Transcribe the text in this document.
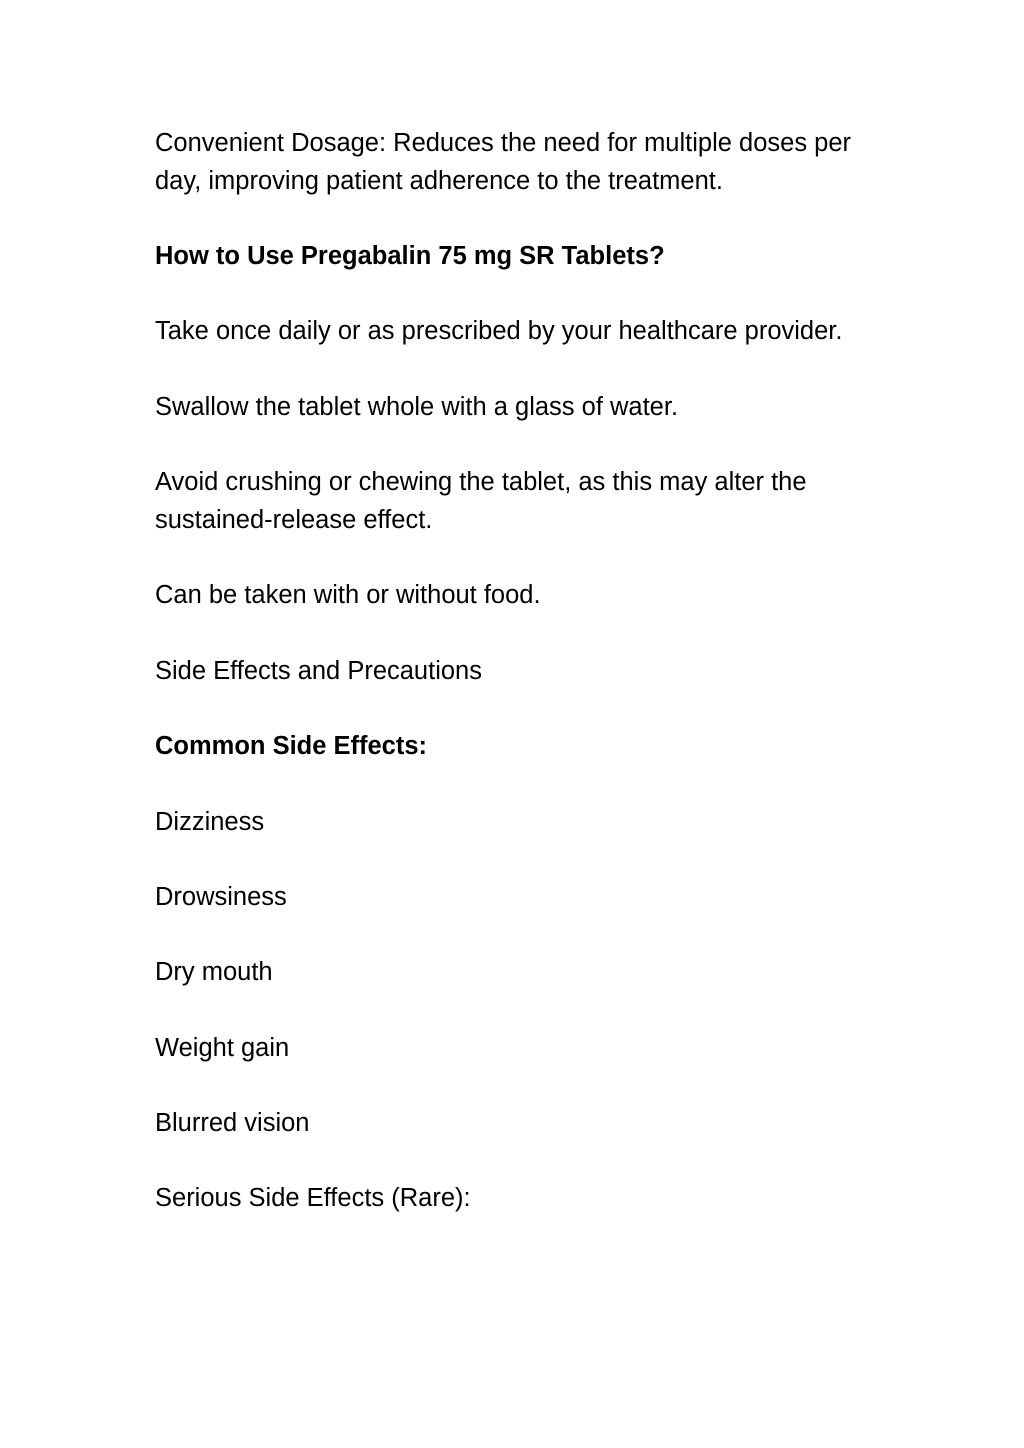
Convenient Dosage: Reduces the need for multiple doses per day, improving patient adherence to the treatment.

How to Use Pregabalin 75 mg SR Tablets?

Take once daily or as prescribed by your healthcare provider.

Swallow the tablet whole with a glass of water.

Avoid crushing or chewing the tablet, as this may alter the sustained-release effect.

Can be taken with or without food.

Side Effects and Precautions

Common Side Effects:

Dizziness

Drowsiness

Dry mouth

Weight gain

Blurred vision

Serious Side Effects (Rare):
